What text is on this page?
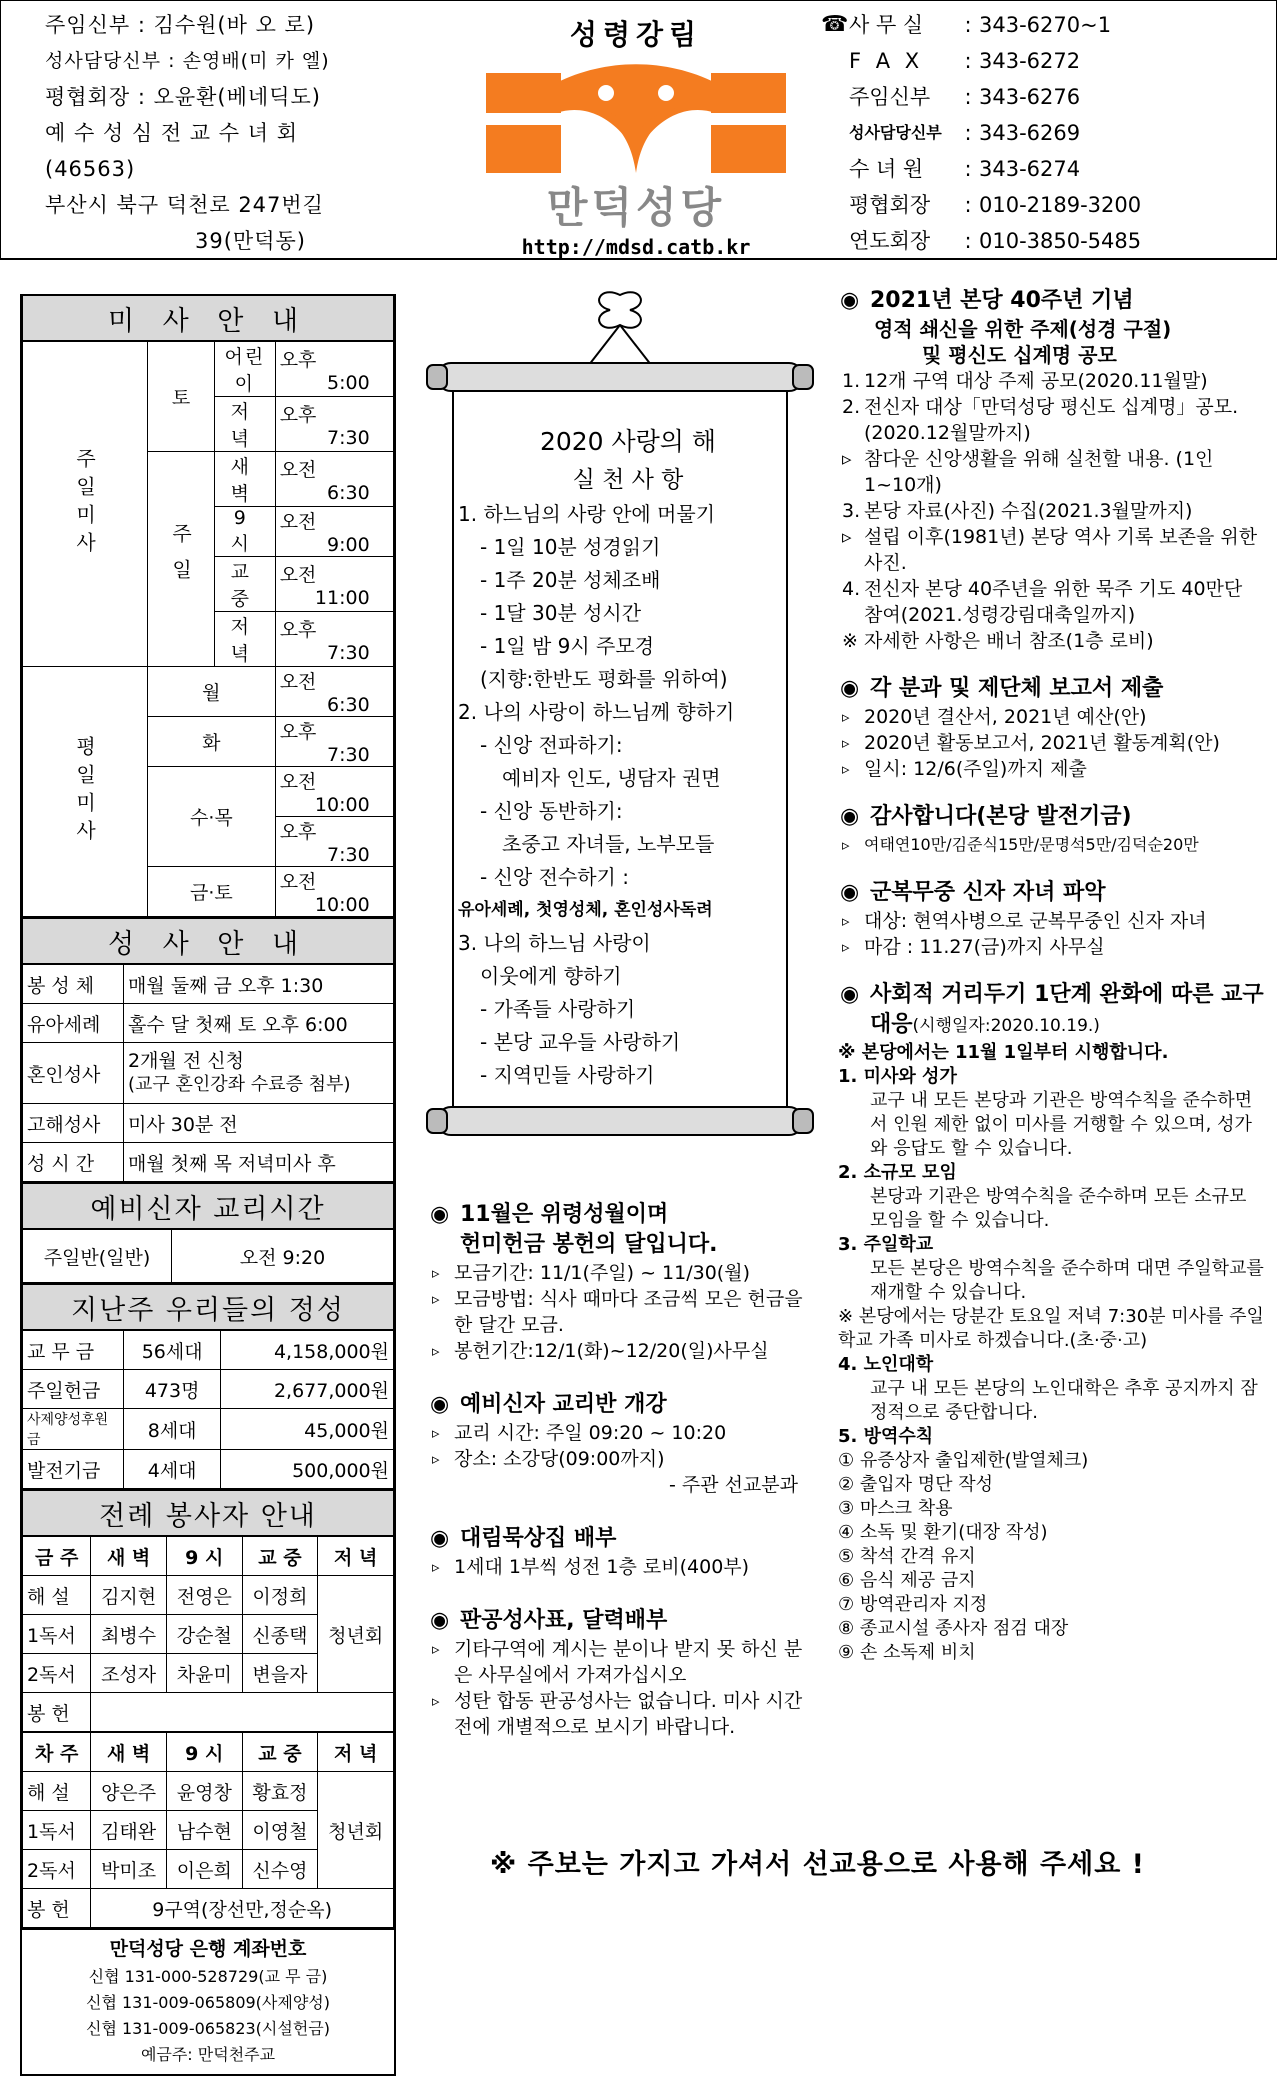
주임신부 : 김수원(바 오 로)
성사담당신부 : 손영배(미 카 엘)
평협회장 : 오윤환(베네딕도)
예 수 성 심 전 교 수 녀 회
(46563)
부산시 북구 덕천로 247번길
39(만덕동)
성령강림
만덕성당
http://mdsd.catb.kr
☎ 사 무 실	: 343-6270~1
F A X	: 343-6272
주임신부	: 343-6276
성사담당신부	: 343-6269
수 녀 원	: 343-6274
평협회장	: 010-2189-3200
연도회장	: 010-3850-5485
미 사 안 내			
주일미사	토	어린이	오후5:00
		저 녁	오후7:30
	주일	새 벽	오전6:30
		9 시	오전9:00
		교 중	오전11:00
		저 녁	오후7:30
평일미사	월		오전6:30
	화		오후7:30
	수·목		오전10:00
			오후7:30
	금·토		오전10:00
성 사 안 내	
봉 성 체	매월 둘째 금 오후 1:30
유아세례	홀수 달 첫째 토 오후 6:00
혼인성사	2개월 전 신청
(교구 혼인강좌 수료증 첨부)

고해성사	미사 30분 전
성 시 간	매월 첫째 목 저녁미사 후
예비신자 교리시간
주일반(일반)	오전 9:20
지난주 우리들의 정성		
교 무 금	56세대	4,158,000원
주일헌금	473명	2,677,000원
사제양성후원금	8세대	45,000원
발전기금	4세대	500,000원
전례 봉사자 안내				
금 주	새 벽	9 시	교 중	저 녁
해 설	김지현	전영은	이정희	청년회
1독서	최병수	강순철	신종택	
2독서	조성자	차윤미	변을자	
봉 헌				
차 주	새 벽	9 시	교 중	저 녁
해 설	양은주	윤영창	황효정	청년회
1독서	김태완	남수현	이영철	
2독서	박미조	이은희	신수영	
봉 헌	9구역(장선만,정순옥)			
만덕성당 은행 계좌번호
신협 131-000-528729(교 무 금)
신협 131-009-065809(사제양성)
신협 131-009-065823(시설헌금)
예금주: 만덕천주교
2020 사랑의 해
실 천 사 항
1. 하느님의 사랑 안에 머물기
- 1일 10분 성경읽기
- 1주 20분 성체조배
- 1달 30분 성시간
- 1일 밤 9시 주모경
(지향:한반도 평화를 위하여)
2. 나의 사랑이 하느님께 향하기
- 신앙 전파하기:
예비자 인도, 냉담자 권면
- 신앙 동반하기:
초중고 자녀들, 노부모들
- 신앙 전수하기 :
유아세례, 첫영성체, 혼인성사독려
3. 나의 하느님 사랑이
이웃에게 향하기
- 가족들 사랑하기
- 본당 교우들 사랑하기
- 지역민들 사랑하기
◉ 11월은 위령성월이며
헌미헌금 봉헌의 달입니다.
▹ 모금기간: 11/1(주일) ~ 11/30(월)
▹ 모금방법: 식사 때마다 조금씩 모은 헌금을 한 달간 모금.
▹ 봉헌기간:12/1(화)~12/20(일)사무실
◉ 예비신자 교리반 개강
▹ 교리 시간: 주일 09:20 ~ 10:20
▹ 장소: 소강당(09:00까지)
- 주관 선교분과
◉ 대림묵상집 배부
▹ 1세대 1부씩 성전 1층 로비(400부)
◉ 판공성사표, 달력배부
▹ 기타구역에 계시는 분이나 받지 못 하신 분은 사무실에서 가져가십시오
▹ 성탄 합동 판공성사는 없습니다. 미사 시간 전에 개별적으로 보시기 바랍니다.
◉ 2021년 본당 40주년 기념
영적 쇄신을 위한 주제(성경 구절)
및 평신도 십계명 공모
1. 12개 구역 대상 주제 공모(2020.11월말)
2. 전신자 대상「만덕성당 평신도 십계명」공모.(2020.12월말까지)
▹ 참다운 신앙생활을 위해 실천할 내용. (1인 1~10개)
3. 본당 자료(사진) 수집(2021.3월말까지)
▹ 설립 이후(1981년) 본당 역사 기록 보존을 위한 사진.
4. 전신자 본당 40주년을 위한 묵주 기도 40만단 참여(2021.성령강림대축일까지)
※ 자세한 사항은 배너 참조(1층 로비)
◉ 각 분과 및 제단체 보고서 제출
▹ 2020년 결산서, 2021년 예산(안)
▹ 2020년 활동보고서, 2021년 활동계획(안)
▹ 일시: 12/6(주일)까지 제출
◉ 감사합니다(본당 발전기금)
▹ 여태연10만/김준식15만/문명석5만/김덕순20만
◉ 군복무중 신자 자녀 파악
▹ 대상: 현역사병으로 군복무중인 신자 자녀
▹ 마감 : 11.27(금)까지 사무실
◉ 사회적 거리두기 1단계 완화에 따른 교구 대응(시행일자:2020.10.19.)
※ 본당에서는 11월 1일부터 시행합니다.
1. 미사와 성가
교구 내 모든 본당과 기관은 방역수칙을 준수하면서 인원 제한 없이 미사를 거행할 수 있으며, 성가와 응답도 할 수 있습니다.
2. 소규모 모임
본당과 기관은 방역수칙을 준수하며 모든 소규모 모임을 할 수 있습니다.
3. 주일학교
모든 본당은 방역수칙을 준수하며 대면 주일학교를 재개할 수 있습니다.
※ 본당에서는 당분간 토요일 저녁 7:30분 미사를 주일학교 가족 미사로 하겠습니다.(초·중·고)
4. 노인대학
교구 내 모든 본당의 노인대학은 추후 공지까지 잠정적으로 중단합니다.
5. 방역수칙
① 유증상자 출입제한(발열체크)
② 출입자 명단 작성
③ 마스크 착용
④ 소독 및 환기(대장 작성)
⑤ 착석 간격 유지
⑥ 음식 제공 금지
⑦ 방역관리자 지정
⑧ 종교시설 종사자 점검 대장
⑨ 손 소독제 비치
※ 주보는 가지고 가셔서 선교용으로 사용해 주세요 !
